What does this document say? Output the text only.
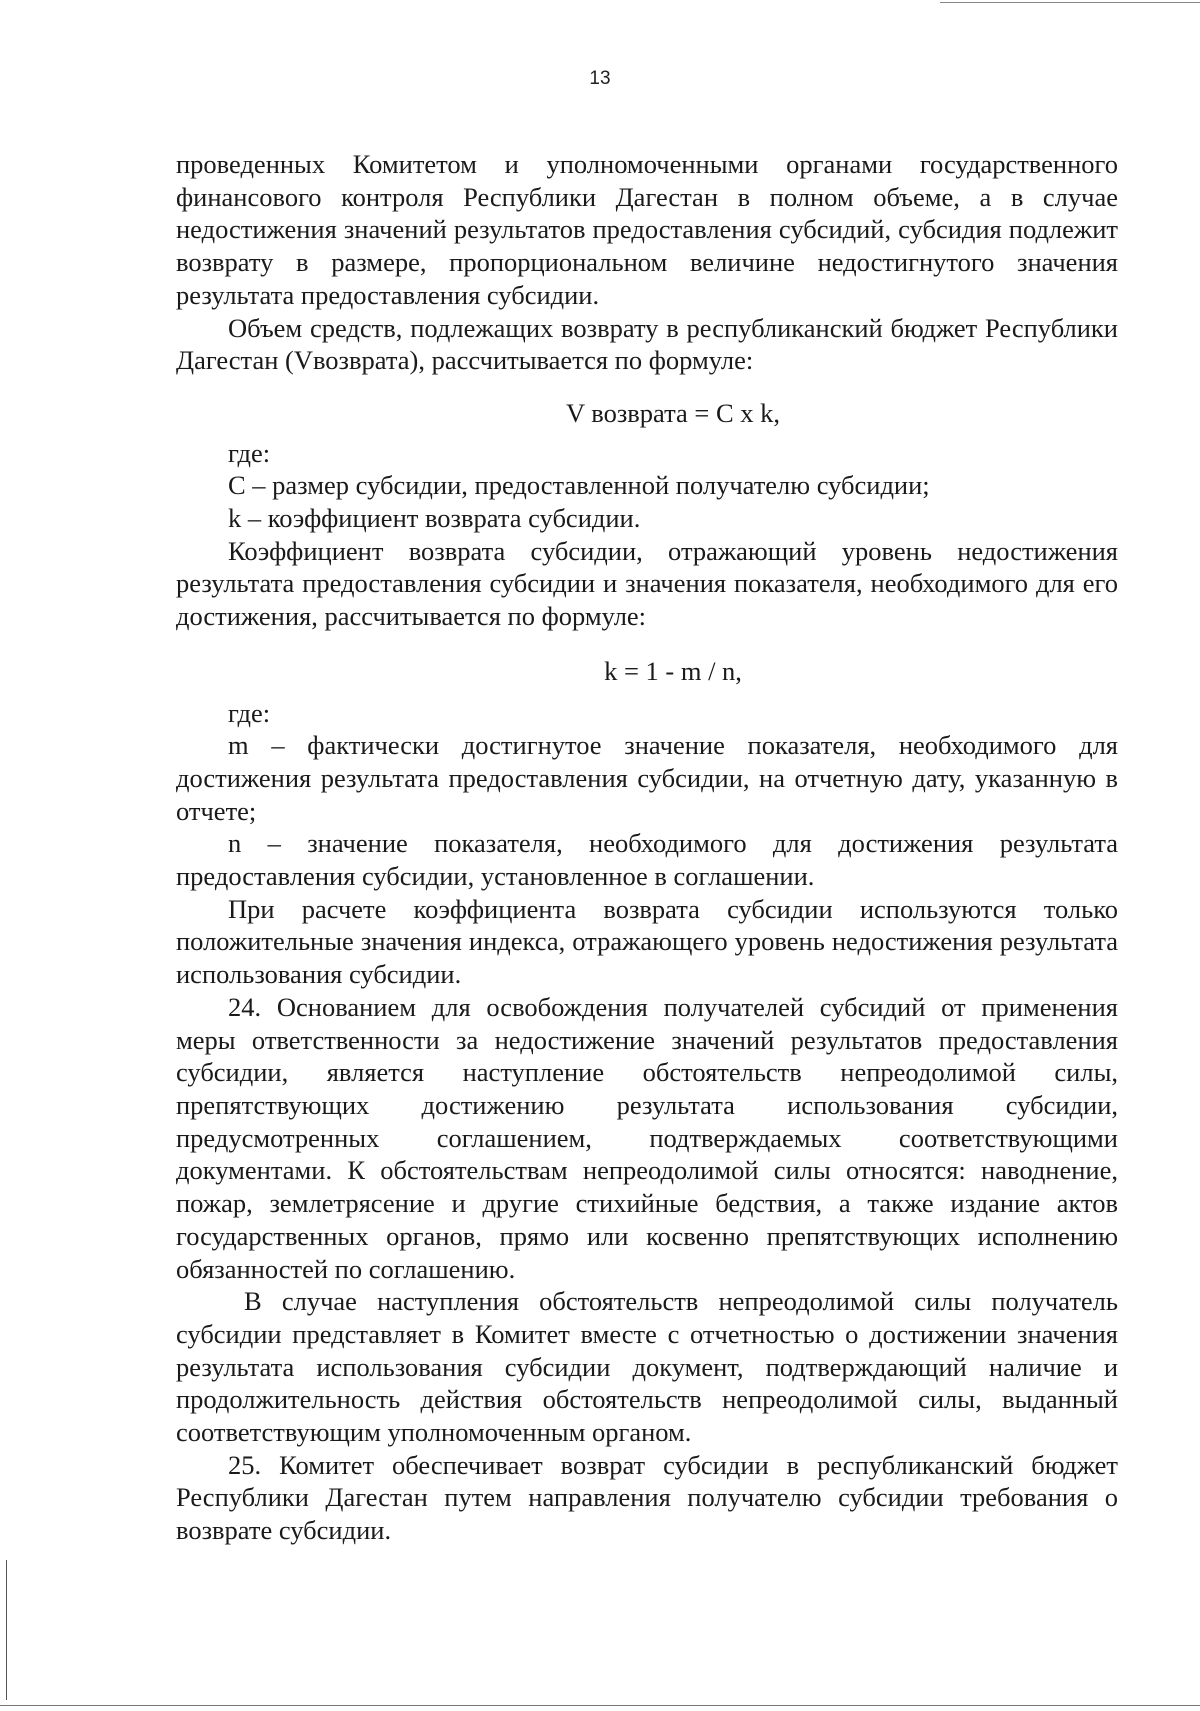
13

проведенных Комитетом и уполномоченными органами государственного финансового контроля Республики Дагестан в полном объеме, а в случае недостижения значений результатов предоставления субсидий, субсидия подлежит возврату в размере, пропорциональном величине недостигнутого значения результата предоставления субсидии.

Объем средств, подлежащих возврату в республиканский бюджет Республики Дагестан (Vвозврата), рассчитывается по формуле:

V возврата = С х k,

где:

С – размер субсидии, предоставленной получателю субсидии;

k – коэффициент возврата субсидии.

Коэффициент возврата субсидии, отражающий уровень недостижения результата предоставления субсидии и значения показателя, необходимого для его достижения, рассчитывается по формуле:

k = 1 - m / n,

где:

m – фактически достигнутое значение показателя, необходимого для достижения результата предоставления субсидии, на отчетную дату, указанную в отчете;

n – значение показателя, необходимого для достижения результата предоставления субсидии, установленное в соглашении.

При расчете коэффициента возврата субсидии используются только положительные значения индекса, отражающего уровень недостижения результата использования субсидии.

24. Основанием для освобождения получателей субсидий от применения меры ответственности за недостижение значений результатов предоставления субсидии, является наступление обстоятельств непреодолимой силы, препятствующих достижению результата использования субсидии, предусмотренных соглашением, подтверждаемых соответствующими документами. К обстоятельствам непреодолимой силы относятся: наводнение, пожар, землетрясение и другие стихийные бедствия, а также издание актов государственных органов, прямо или косвенно препятствующих исполнению обязанностей по соглашению.

В случае наступления обстоятельств непреодолимой силы получатель субсидии представляет в Комитет вместе с отчетностью о достижении значения результата использования субсидии документ, подтверждающий наличие и продолжительность действия обстоятельств непреодолимой силы, выданный соответствующим уполномоченным органом.

25. Комитет обеспечивает возврат субсидии в республиканский бюджет Республики Дагестан путем направления получателю субсидии требования о возврате субсидии.
